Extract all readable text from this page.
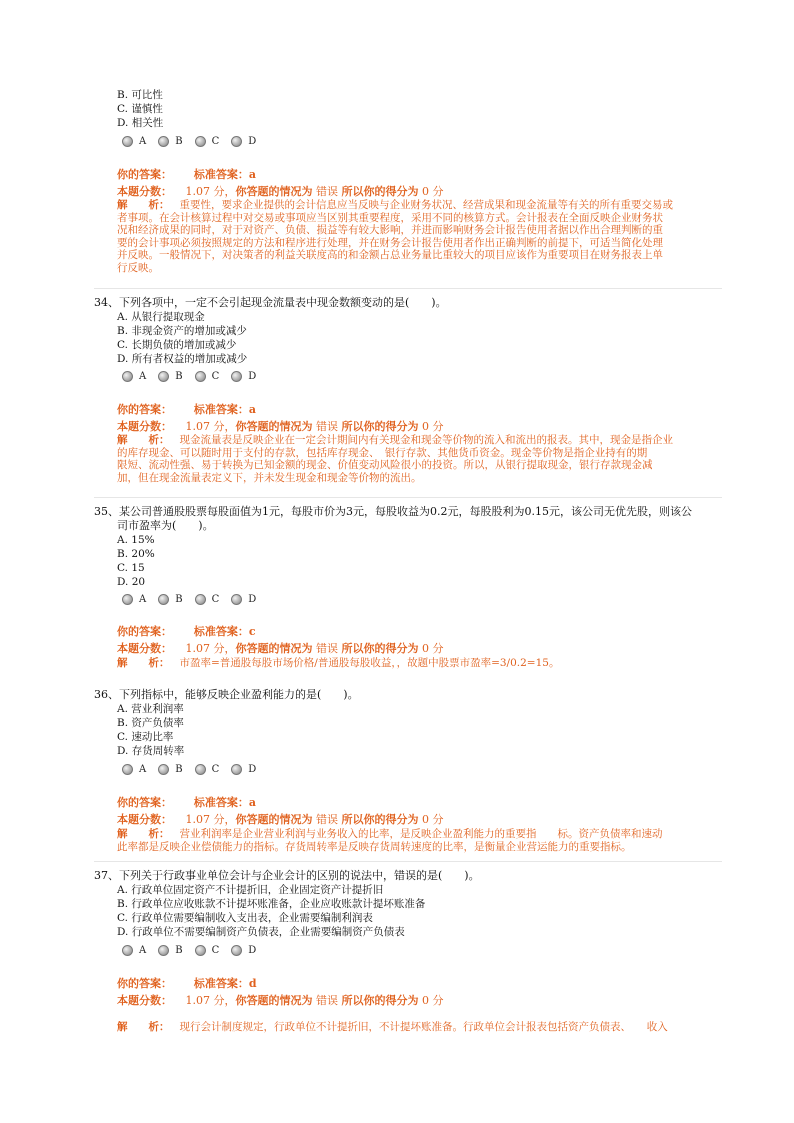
B. 可比性
C. 谨慎性
D. 相关性
A	B	C	D
你的答案： 标准答案：a
本题分数： 1.07 分，你答题的情况为 错误 所以你的得分为 0 分
解　　析： 重要性，要求企业提供的会计信息应当反映与企业财务状况、经营成果和现金流量等有关的所有重要交易或
者事项。在会计核算过程中对交易或事项应当区别其重要程度，采用不同的核算方式。会计报表在全面反映企业财务状
况和经济成果的同时，对于对资产、负债、损益等有较大影响，并进而影响财务会计报告使用者据以作出合理判断的重
要的会计事项必须按照规定的方法和程序进行处理，并在财务会计报告使用者作出正确判断的前提下，可适当简化处理
并反映。一般情况下，对决策者的利益关联度高的和金额占总业务量比重较大的项目应该作为重要项目在财务报表上单
行反映。
34、下列各项中，一定不会引起现金流量表中现金数额变动的是(　　)。
A. 从银行提取现金
B. 非现金资产的增加或减少
C. 长期负债的增加或减少
D. 所有者权益的增加或减少
A	B	C	D
你的答案： 标准答案：a
本题分数： 1.07 分，你答题的情况为 错误 所以你的得分为 0 分
解　　析： 现金流量表是反映企业在一定会计期间内有关现金和现金等价物的流入和流出的报表。其中，现金是指企业
的库存现金、可以随时用于支付的存款，包括库存现金、　银行存款、其他货币资金。现金等价物是指企业持有的期
限短、流动性强、易于转换为已知金额的现金、价值变动风险很小的投资。所以，从银行提取现金，银行存款现金减
加，但在现金流量表定义下，并未发生现金和现金等价物的流出。
35、某公司普通股股票每股面值为1元，每股市价为3元，每股收益为0.2元，每股股利为0.15元，该公司无优先股，则该公
司市盈率为(　　)。
A. 15%
B. 20%
C. 15
D. 20
A	B	C	D
你的答案： 标准答案：c
本题分数： 1.07 分，你答题的情况为 错误 所以你的得分为 0 分
解　　析： 市盈率=普通股每股市场价格/普通股每股收益，，故题中股票市盈率=3/0.2=15。
36、下列指标中，能够反映企业盈利能力的是(　　)。
A. 营业利润率
B. 资产负债率
C. 速动比率
D. 存货周转率
A	B	C	D
你的答案： 标准答案：a
本题分数： 1.07 分，你答题的情况为 错误 所以你的得分为 0 分
解　　析： 营业利润率是企业营业利润与业务收入的比率，是反映企业盈利能力的重要指　　标。资产负债率和速动
此率都是反映企业偿债能力的指标。存货周转率是反映存货周转速度的比率，是衡量企业营运能力的重要指标。
37、下列关于行政事业单位会计与企业会计的区别的说法中，错误的是(　　)。
A. 行政单位固定资产不计提折旧，企业固定资产计提折旧
B. 行政单位应收账款不计提坏账准备，企业应收账款计提坏账准备
C. 行政单位需要编制收入支出表，企业需要编制利润表
D. 行政单位不需要编制资产负债表，企业需要编制资产负债表
A	B	C	D
你的答案： 标准答案：d
本题分数： 1.07 分，你答题的情况为 错误 所以你的得分为 0 分
解　　析： 现行会计制度规定，行政单位不计提折旧，不计提坏账准备。行政单位会计报表包括资产负债表、　　收入
